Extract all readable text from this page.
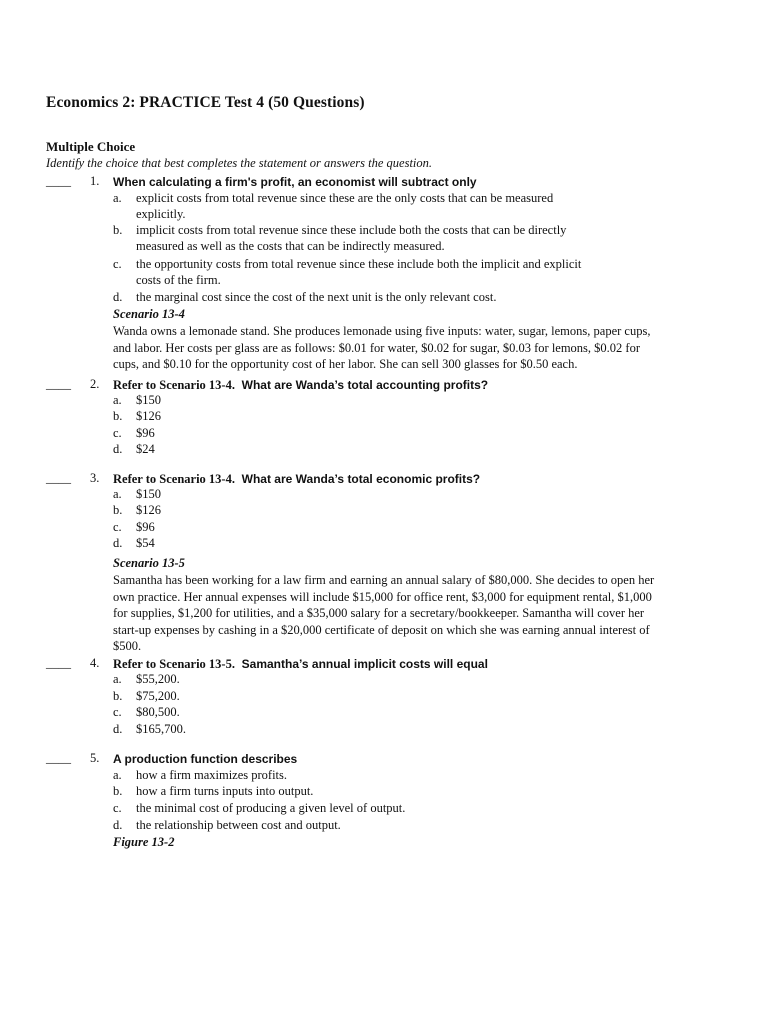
Economics 2: PRACTICE Test 4 (50 Questions)
Multiple Choice
Identify the choice that best completes the statement or answers the question.
____ 1. When calculating a firm's profit, an economist will subtract only
a. explicit costs from total revenue since these are the only costs that can be measured
explicitly.
b. implicit costs from total revenue since these include both the costs that can be directly
measured as well as the costs that can be indirectly measured.
c. the opportunity costs from total revenue since these include both the implicit and explicit
costs of the firm.
d. the marginal cost since the cost of the next unit is the only relevant cost.
Scenario 13-4
Wanda owns a lemonade stand. She produces lemonade using five inputs: water, sugar, lemons, paper cups,
and labor. Her costs per glass are as follows: $0.01 for water, $0.02 for sugar, $0.03 for lemons, $0.02 for
cups, and $0.10 for the opportunity cost of her labor. She can sell 300 glasses for $0.50 each.
____ 2. Refer to Scenario 13-4. What are Wanda’s total accounting profits?
a. $150
b. $126
c. $96
d. $24
____ 3. Refer to Scenario 13-4. What are Wanda’s total economic profits?
a. $150
b. $126
c. $96
d. $54
Scenario 13-5
Samantha has been working for a law firm and earning an annual salary of $80,000. She decides to open her
own practice. Her annual expenses will include $15,000 for office rent, $3,000 for equipment rental, $1,000
for supplies, $1,200 for utilities, and a $35,000 salary for a secretary/bookkeeper. Samantha will cover her
start-up expenses by cashing in a $20,000 certificate of deposit on which she was earning annual interest of
$500.
____ 4. Refer to Scenario 13-5. Samantha’s annual implicit costs will equal
a. $55,200.
b. $75,200.
c. $80,500.
d. $165,700.
____ 5. A production function describes
a. how a firm maximizes profits.
b. how a firm turns inputs into output.
c. the minimal cost of producing a given level of output.
d. the relationship between cost and output.
Figure 13-2
